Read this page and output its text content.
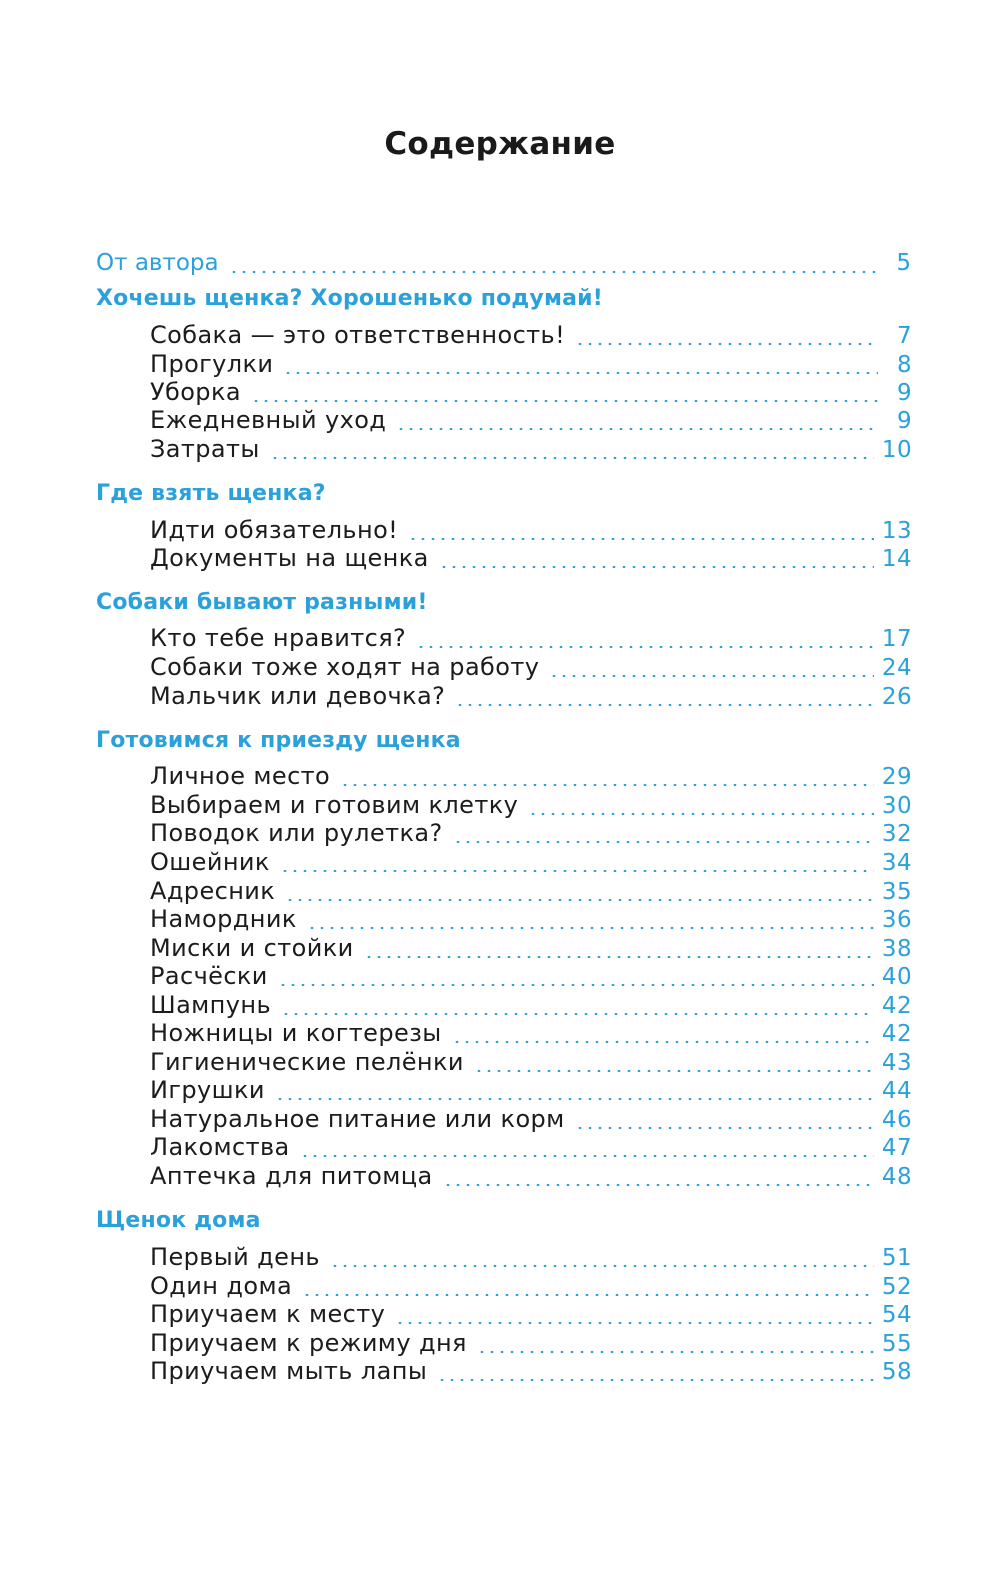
Содержание
От автора	5
Хочешь щенка? Хорошенько подумай!
Собака — это ответственность!	7
Прогулки	8
Уборка	9
Ежедневный уход	9
Затраты	10
Где взять щенка?
Идти обязательно!	13
Документы на щенка	14
Собаки бывают разными!
Кто тебе нравится?	17
Собаки тоже ходят на работу	24
Мальчик или девочка?	26
Готовимся к приезду щенка
Личное место	29
Выбираем и готовим клетку	30
Поводок или рулетка?	32
Ошейник	34
Адресник	35
Намордник	36
Миски и стойки	38
Расчёски	40
Шампунь	42
Ножницы и когтерезы	42
Гигиенические пелёнки	43
Игрушки	44
Натуральное питание или корм	46
Лакомства	47
Аптечка для питомца	48
Щенок дома
Первый день	51
Один дома	52
Приучаем к месту	54
Приучаем к режиму дня	55
Приучаем мыть лапы	58
